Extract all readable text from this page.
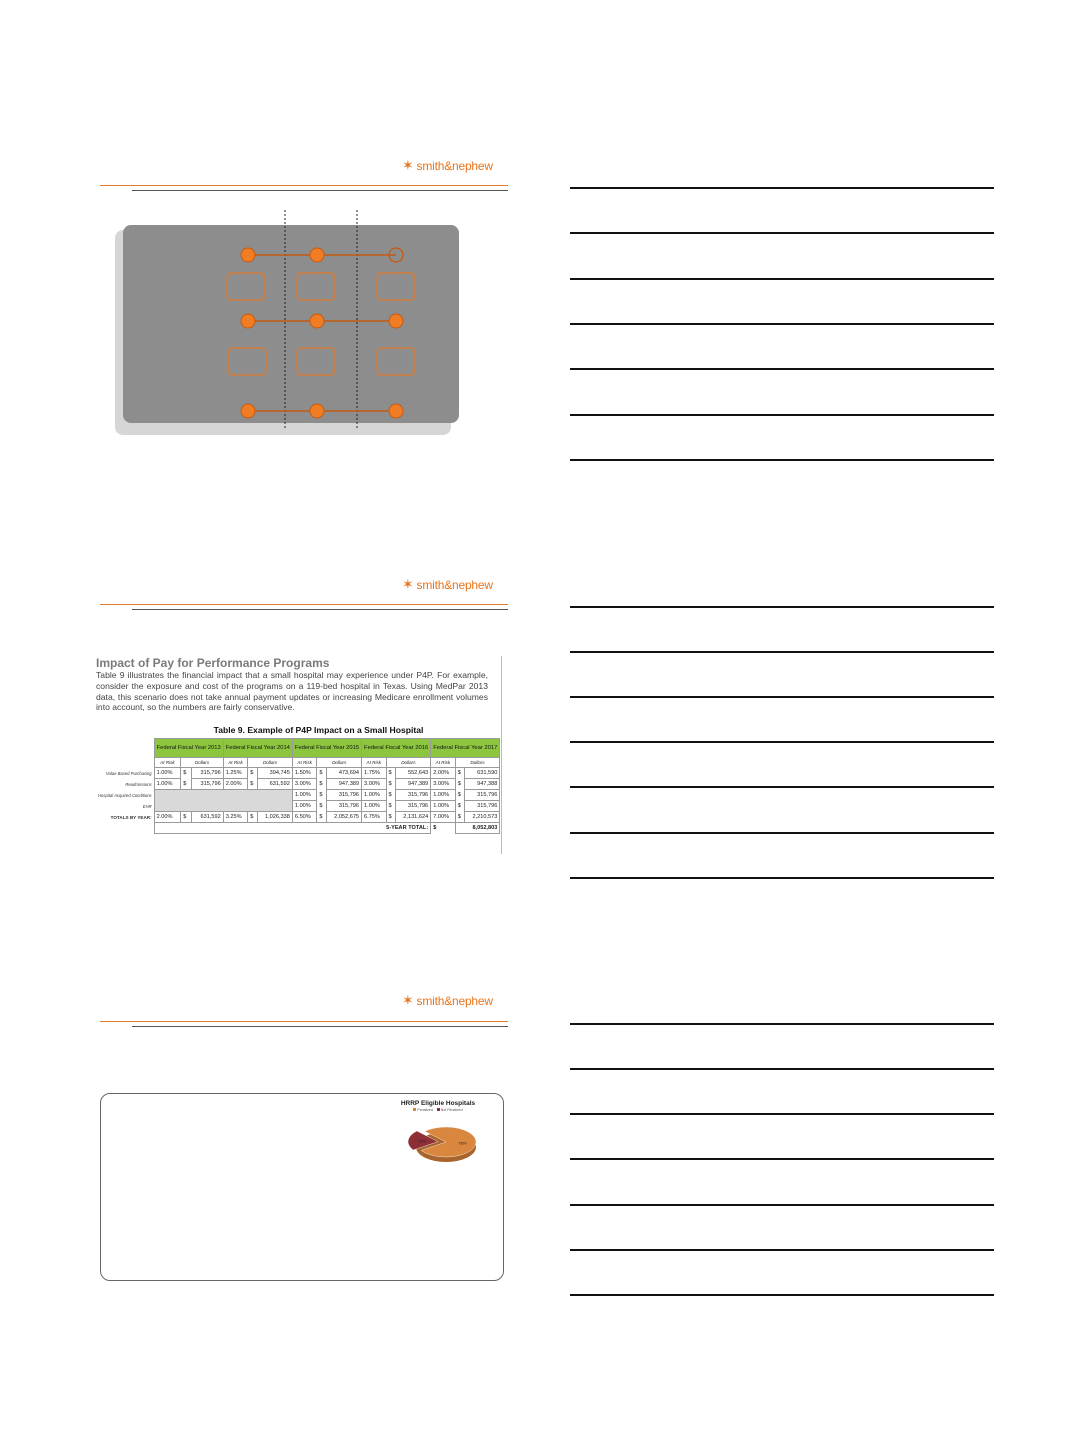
✶ smith&nephew
✶ smith&nephew
Impact of Pay for Performance Programs
Table 9 illustrates the financial impact that a small hospital may experience under P4P. For example, consider the exposure and cost of the programs on a 119-bed hospital in Texas. Using MedPar 2013 data, this scenario does not take annual payment updates or increasing Medicare enrollment volumes into account, so the numbers are fairly conservative.
Table 9. Example of P4P Impact on a Small Hospital
	Federal Fiscal Year 2013			Federal Fiscal Year 2014			Federal Fiscal Year 2015			Federal Fiscal Year 2016			Federal Fiscal Year 2017		
	At Risk	Dollars		At Risk	Dollars		At Risk	Dollars		At Risk	Dollars		At Risk	Dollars	
Value Based Purchasing	1.00%	$	315,796	1.25%	$	394,745	1.50%	$	473,694	1.75%	$	552,643	2.00%	$	631,590
Readmissions	1.00%	$	315,796	2.00%	$	631,592	3.00%	$	947,389	3.00%	$	947,389	3.00%	$	947,388
Hospital Acquired Conditions							1.00%	$	315,796	1.00%	$	315,796	1.00%	$	315,796
EHR							1.00%	$	315,796	1.00%	$	315,796	1.00%	$	315,796
TOTALS BY YEAR:	2.00%	$	631,592	3.25%	$	1,026,338	6.50%	$	2,052,675	6.75%	$	2,131,624	7.00%	$	2,210,573
	5-YEAR TOTAL:												$	8,052,803	
✶ smith&nephew
HRRP Eligible Hospitals
Penalized	Not Penalized
78%
22%
